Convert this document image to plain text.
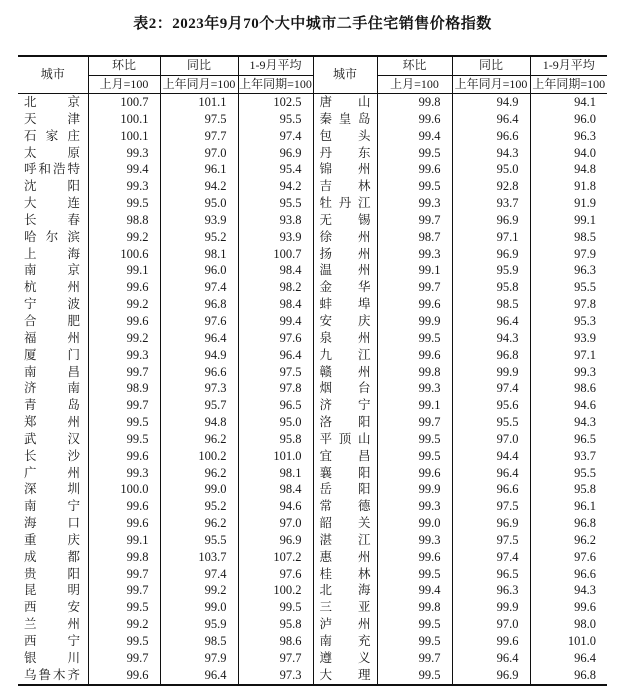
表2：2023年9月70个大中城市二手住宅销售价格指数
城市	环比	同比	1-9月平均	城市	环比	同比	1-9月平均
	上月=100	上年同月=100	上年同期=100		上月=100	上年同月=100	上年同期=100

北 京	100.7	101.1	102.5	唐 山	99.8	94.9	94.1

天 津	100.1	97.5	95.5	秦 皇 岛	99.6	96.4	96.0

石 家 庄	100.1	97.7	97.4	包 头	99.4	96.6	96.3

太 原	99.3	97.0	96.9	丹 东	99.5	94.3	94.0

呼 和 浩 特	99.4	96.1	95.4	锦 州	99.6	95.0	94.8

沈 阳	99.3	94.2	94.2	吉 林	99.5	92.8	91.8

大 连	99.5	95.0	95.5	牡 丹 江	99.3	93.7	91.9

长 春	98.8	93.9	93.8	无 锡	99.7	96.9	99.1

哈 尔 滨	99.2	95.2	93.9	徐 州	98.7	97.1	98.5

上 海	100.6	98.1	100.7	扬 州	99.3	96.9	97.9

南 京	99.1	96.0	98.4	温 州	99.1	95.9	96.3

杭 州	99.6	97.4	98.2	金 华	99.7	95.8	95.5

宁 波	99.2	96.8	98.4	蚌 埠	99.6	98.5	97.8

合 肥	99.6	97.6	99.4	安 庆	99.9	96.4	95.3

福 州	99.2	96.4	97.6	泉 州	99.5	94.3	93.9

厦 门	99.3	94.9	96.4	九 江	99.6	96.8	97.1

南 昌	99.7	96.6	97.5	赣 州	99.8	99.9	99.3

济 南	98.9	97.3	97.8	烟 台	99.3	97.4	98.6

青 岛	99.7	95.7	96.5	济 宁	99.1	95.6	94.6

郑 州	99.5	94.8	95.0	洛 阳	99.7	95.5	94.3

武 汉	99.5	96.2	95.8	平 顶 山	99.5	97.0	96.5

长 沙	99.6	100.2	101.0	宜 昌	99.5	94.4	93.7

广 州	99.3	96.2	98.1	襄 阳	99.6	96.4	95.5

深 圳	100.0	99.0	98.4	岳 阳	99.9	96.6	95.8

南 宁	99.6	95.2	94.6	常 德	99.3	97.5	96.1

海 口	99.6	96.2	97.0	韶 关	99.0	96.9	96.8

重 庆	99.1	95.5	96.9	湛 江	99.3	97.5	96.2

成 都	99.8	103.7	107.2	惠 州	99.6	97.4	97.6

贵 阳	99.7	97.4	97.6	桂 林	99.5	96.5	96.6

昆 明	99.7	99.2	100.2	北 海	99.4	96.3	94.3

西 安	99.5	99.0	99.5	三 亚	99.8	99.9	99.6

兰 州	99.2	95.9	95.8	泸 州	99.5	97.0	98.0

西 宁	99.5	98.5	98.6	南 充	99.5	99.6	101.0

银 川	99.7	97.9	97.7	遵 义	99.7	96.4	96.4

乌 鲁 木 齐	99.6	96.4	97.3	大 理	99.5	96.9	96.8
